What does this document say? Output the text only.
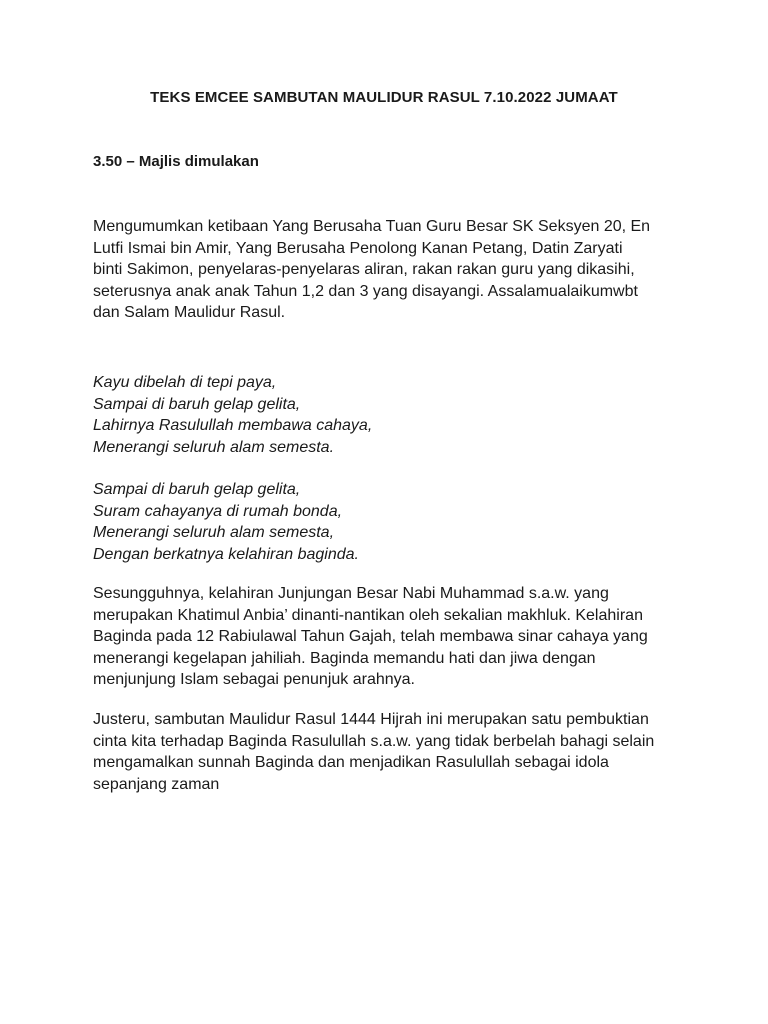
TEKS EMCEE SAMBUTAN MAULIDUR RASUL 7.10.2022 JUMAAT
3.50 – Majlis dimulakan
Mengumumkan ketibaan Yang Berusaha Tuan Guru Besar SK Seksyen 20, En
Lutfi Ismai bin Amir, Yang Berusaha Penolong Kanan Petang, Datin Zaryati
binti Sakimon, penyelaras-penyelaras aliran, rakan rakan guru yang dikasihi,
seterusnya anak anak Tahun 1,2 dan 3 yang disayangi. Assalamualaikumwbt
dan Salam Maulidur Rasul.
Kayu dibelah di tepi paya,
Sampai di baruh gelap gelita,
Lahirnya Rasulullah membawa cahaya,
Menerangi seluruh alam semesta.
Sampai di baruh gelap gelita,
Suram cahayanya di rumah bonda,
Menerangi seluruh alam semesta,
Dengan berkatnya kelahiran baginda.
Sesungguhnya, kelahiran Junjungan Besar Nabi Muhammad s.a.w. yang
merupakan Khatimul Anbia’ dinanti-nantikan oleh sekalian makhluk. Kelahiran
Baginda pada 12 Rabiulawal Tahun Gajah, telah membawa sinar cahaya yang
menerangi kegelapan jahiliah. Baginda memandu hati dan jiwa dengan
menjunjung Islam sebagai penunjuk arahnya.
Justeru, sambutan Maulidur Rasul 1444 Hijrah ini merupakan satu pembuktian
cinta kita terhadap Baginda Rasulullah s.a.w. yang tidak berbelah bahagi selain
mengamalkan sunnah Baginda dan menjadikan Rasulullah sebagai idola
sepanjang zaman
